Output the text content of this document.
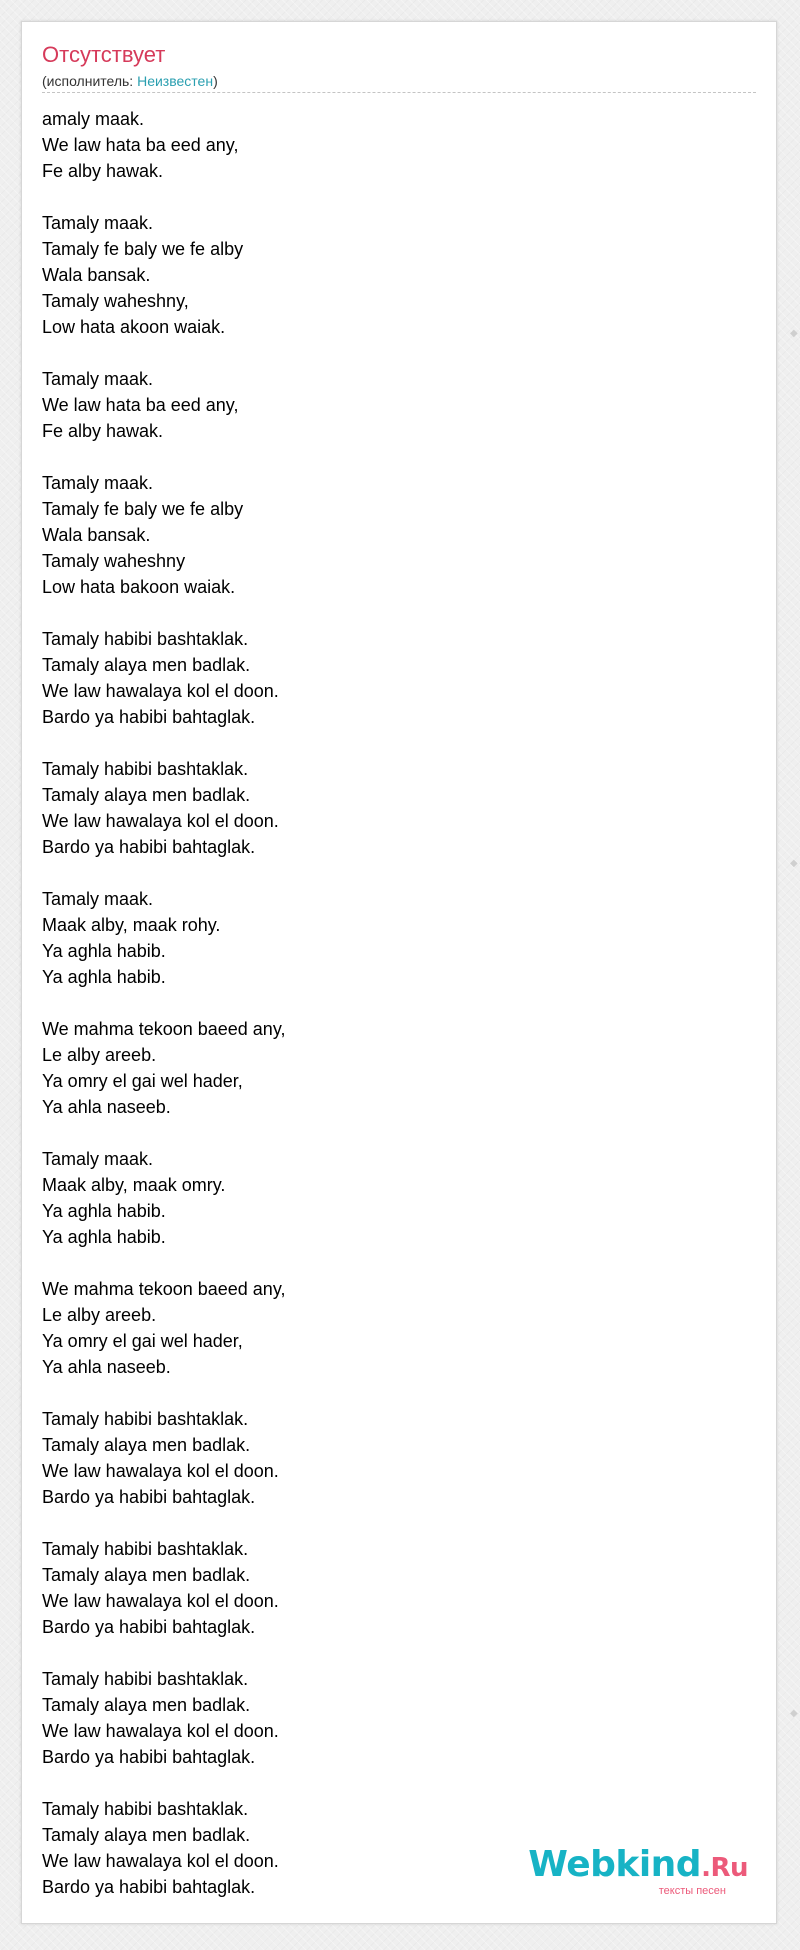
Отсутствует
(исполнитель: Неизвестен)
amaly maak.
We law hata ba eed any,
Fe alby hawak.
Tamaly maak.
Tamaly fe baly we fe alby
Wala bansak.
Tamaly waheshny,
Low hata akoon waiak.
Tamaly maak.
We law hata ba eed any,
Fe alby hawak.
Tamaly maak.
Tamaly fe baly we fe alby
Wala bansak.
Tamaly waheshny
Low hata bakoon waiak.
Tamaly habibi bashtaklak.
Tamaly alaya men badlak.
We law hawalaya kol el doon.
Bardo ya habibi bahtaglak.
Tamaly habibi bashtaklak.
Tamaly alaya men badlak.
We law hawalaya kol el doon.
Bardo ya habibi bahtaglak.
Tamaly maak.
Maak alby, maak rohy.
Ya aghla habib.
Ya aghla habib.
We mahma tekoon baeed any,
Le alby areeb.
Ya omry el gai wel hader,
Ya ahla naseeb.
Tamaly maak.
Maak alby, maak omry.
Ya aghla habib.
Ya aghla habib.
We mahma tekoon baeed any,
Le alby areeb.
Ya omry el gai wel hader,
Ya ahla naseeb.
Tamaly habibi bashtaklak.
Tamaly alaya men badlak.
We law hawalaya kol el doon.
Bardo ya habibi bahtaglak.
Tamaly habibi bashtaklak.
Tamaly alaya men badlak.
We law hawalaya kol el doon.
Bardo ya habibi bahtaglak.
Tamaly habibi bashtaklak.
Tamaly alaya men badlak.
We law hawalaya kol el doon.
Bardo ya habibi bahtaglak.
Tamaly habibi bashtaklak.
Tamaly alaya men badlak.
We law hawalaya kol el doon.
Bardo ya habibi bahtaglak.
Webkind.Ru
тексты песен
◆
◆
◆
